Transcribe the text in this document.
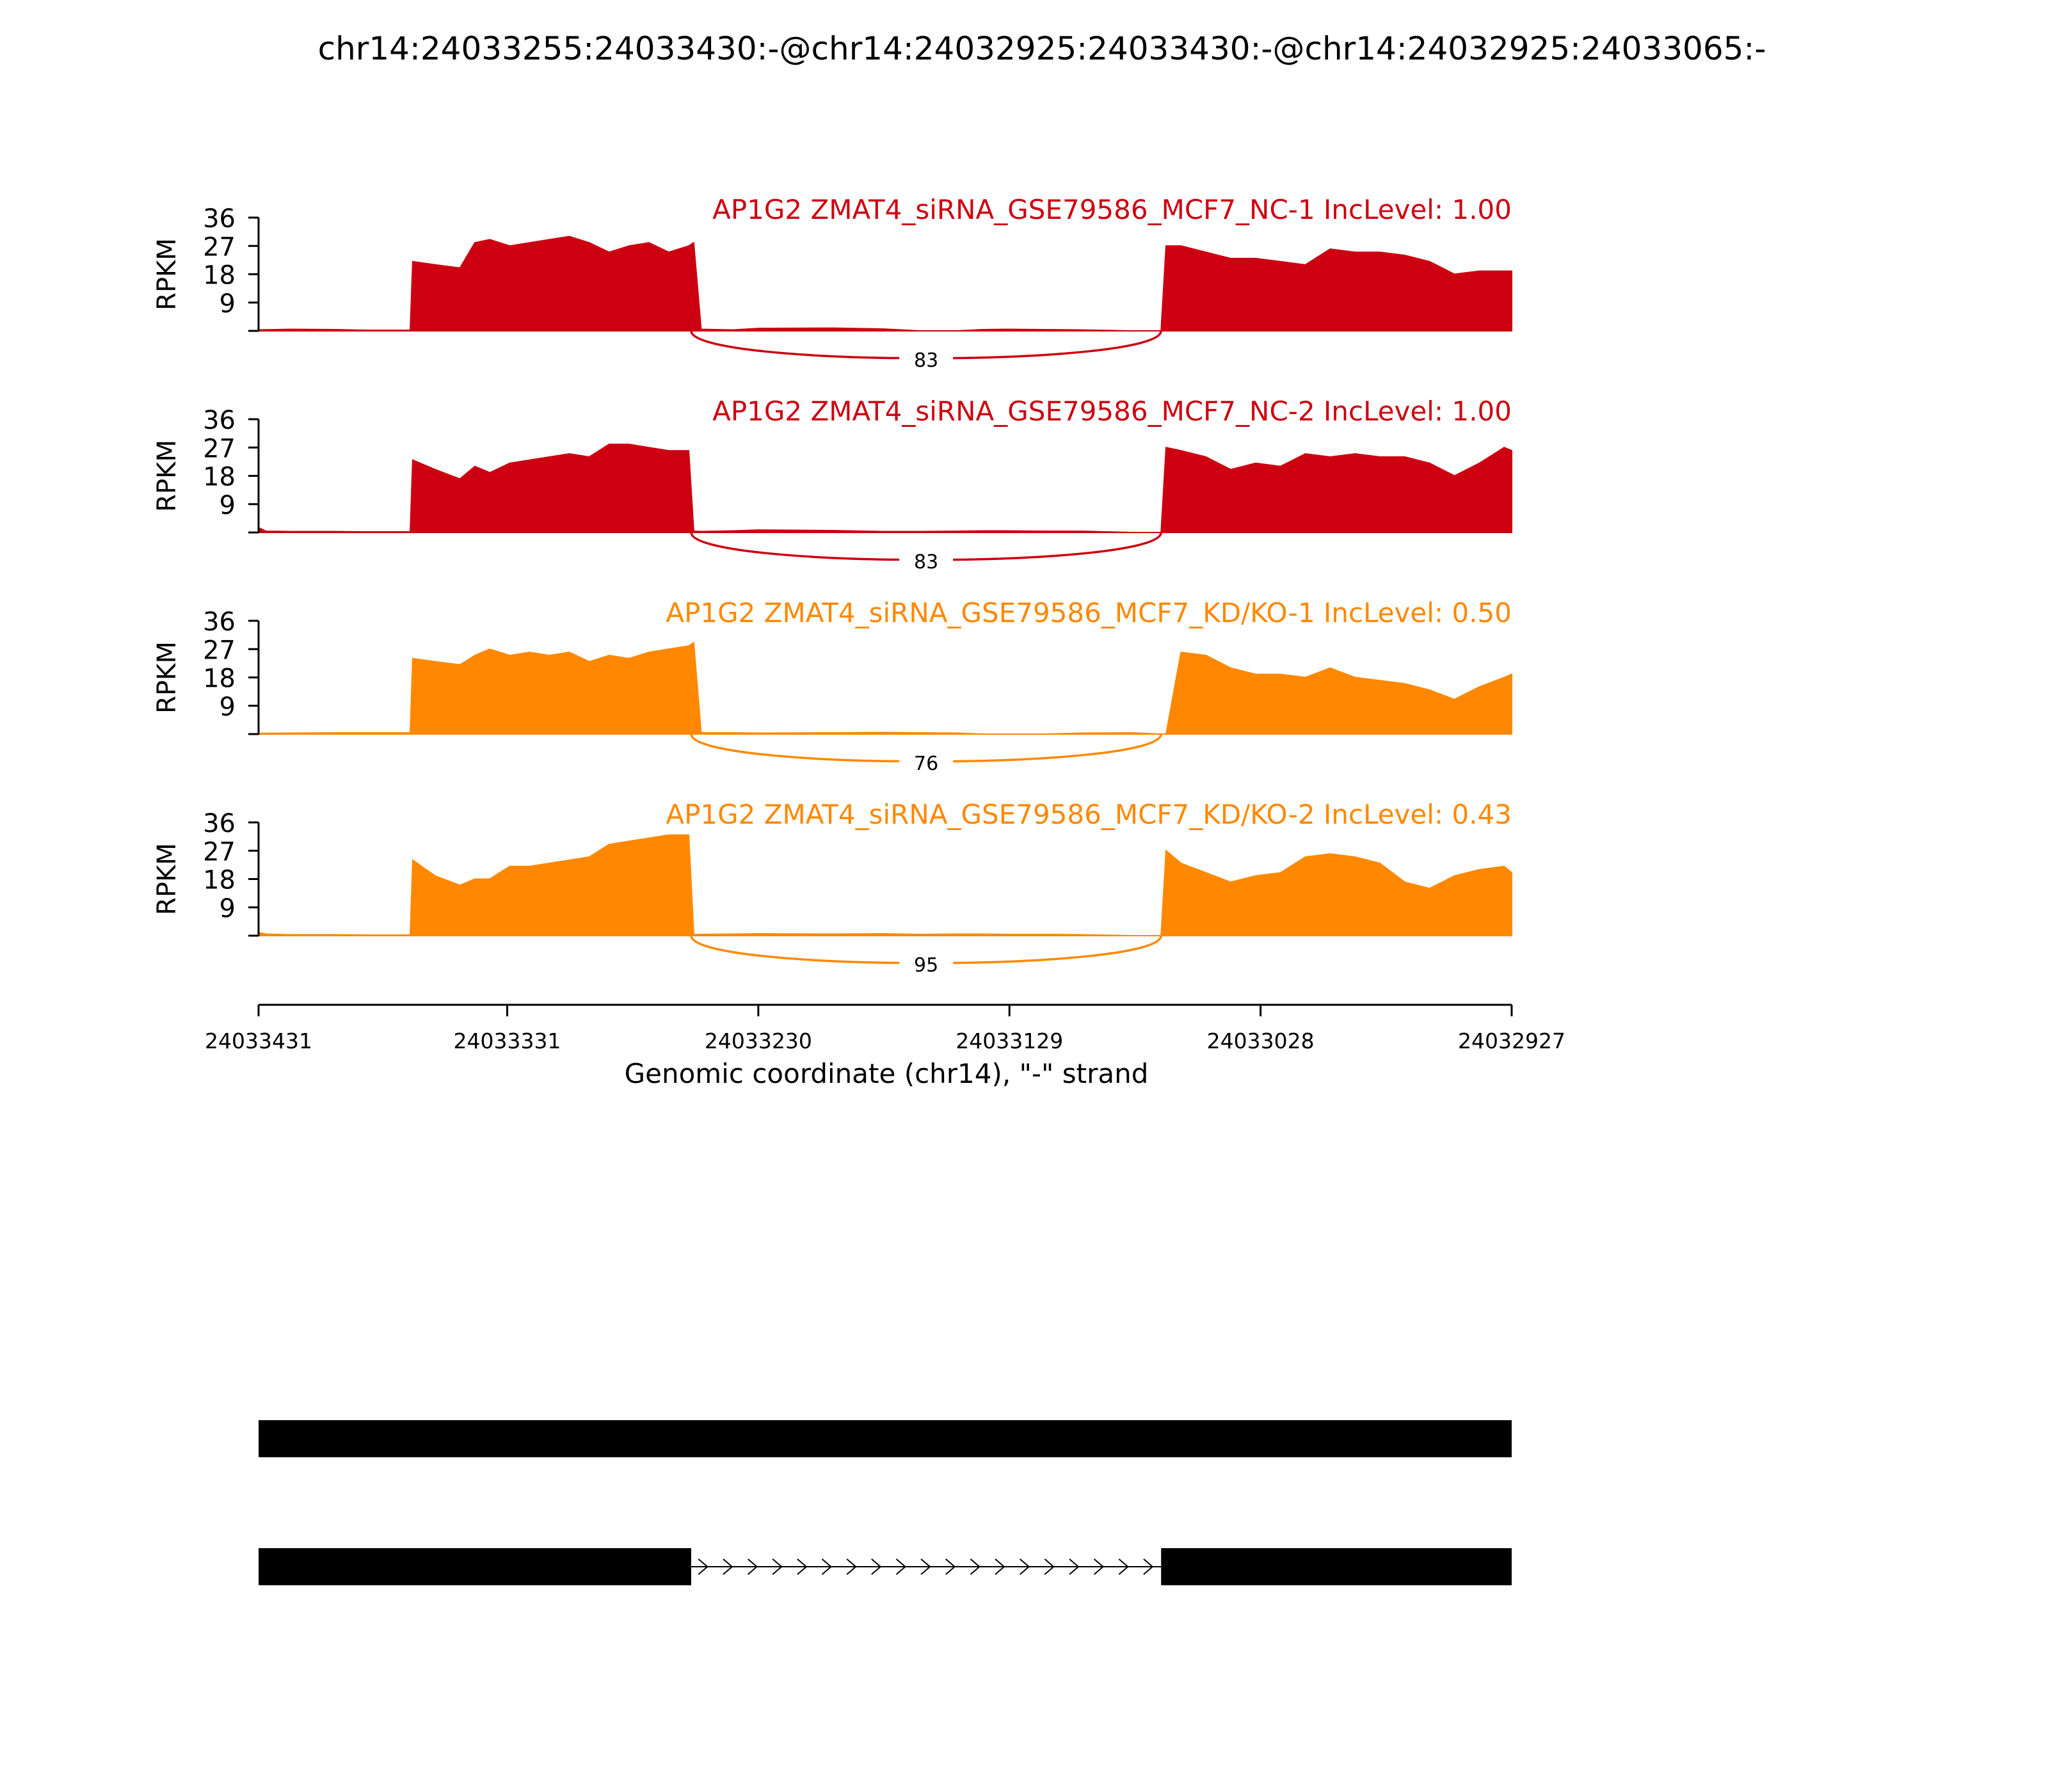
chr14:24033255:24033430:-@chr14:24032925:24033430:-@chr14:24032925:24033065:-
9
18
27
36
RPKM
AP1G2 ZMAT4_siRNA_GSE79586_MCF7_NC-1 IncLevel: 1.00
83
9
18
27
36
RPKM
AP1G2 ZMAT4_siRNA_GSE79586_MCF7_NC-2 IncLevel: 1.00
83
9
18
27
36
RPKM
AP1G2 ZMAT4_siRNA_GSE79586_MCF7_KD/KO-1 IncLevel: 0.50
76
9
18
27
36
RPKM
AP1G2 ZMAT4_siRNA_GSE79586_MCF7_KD/KO-2 IncLevel: 0.43
95
24033431	24033331	24033230	24033129	24033028	24032927
Genomic coordinate (chr14), "-" strand
